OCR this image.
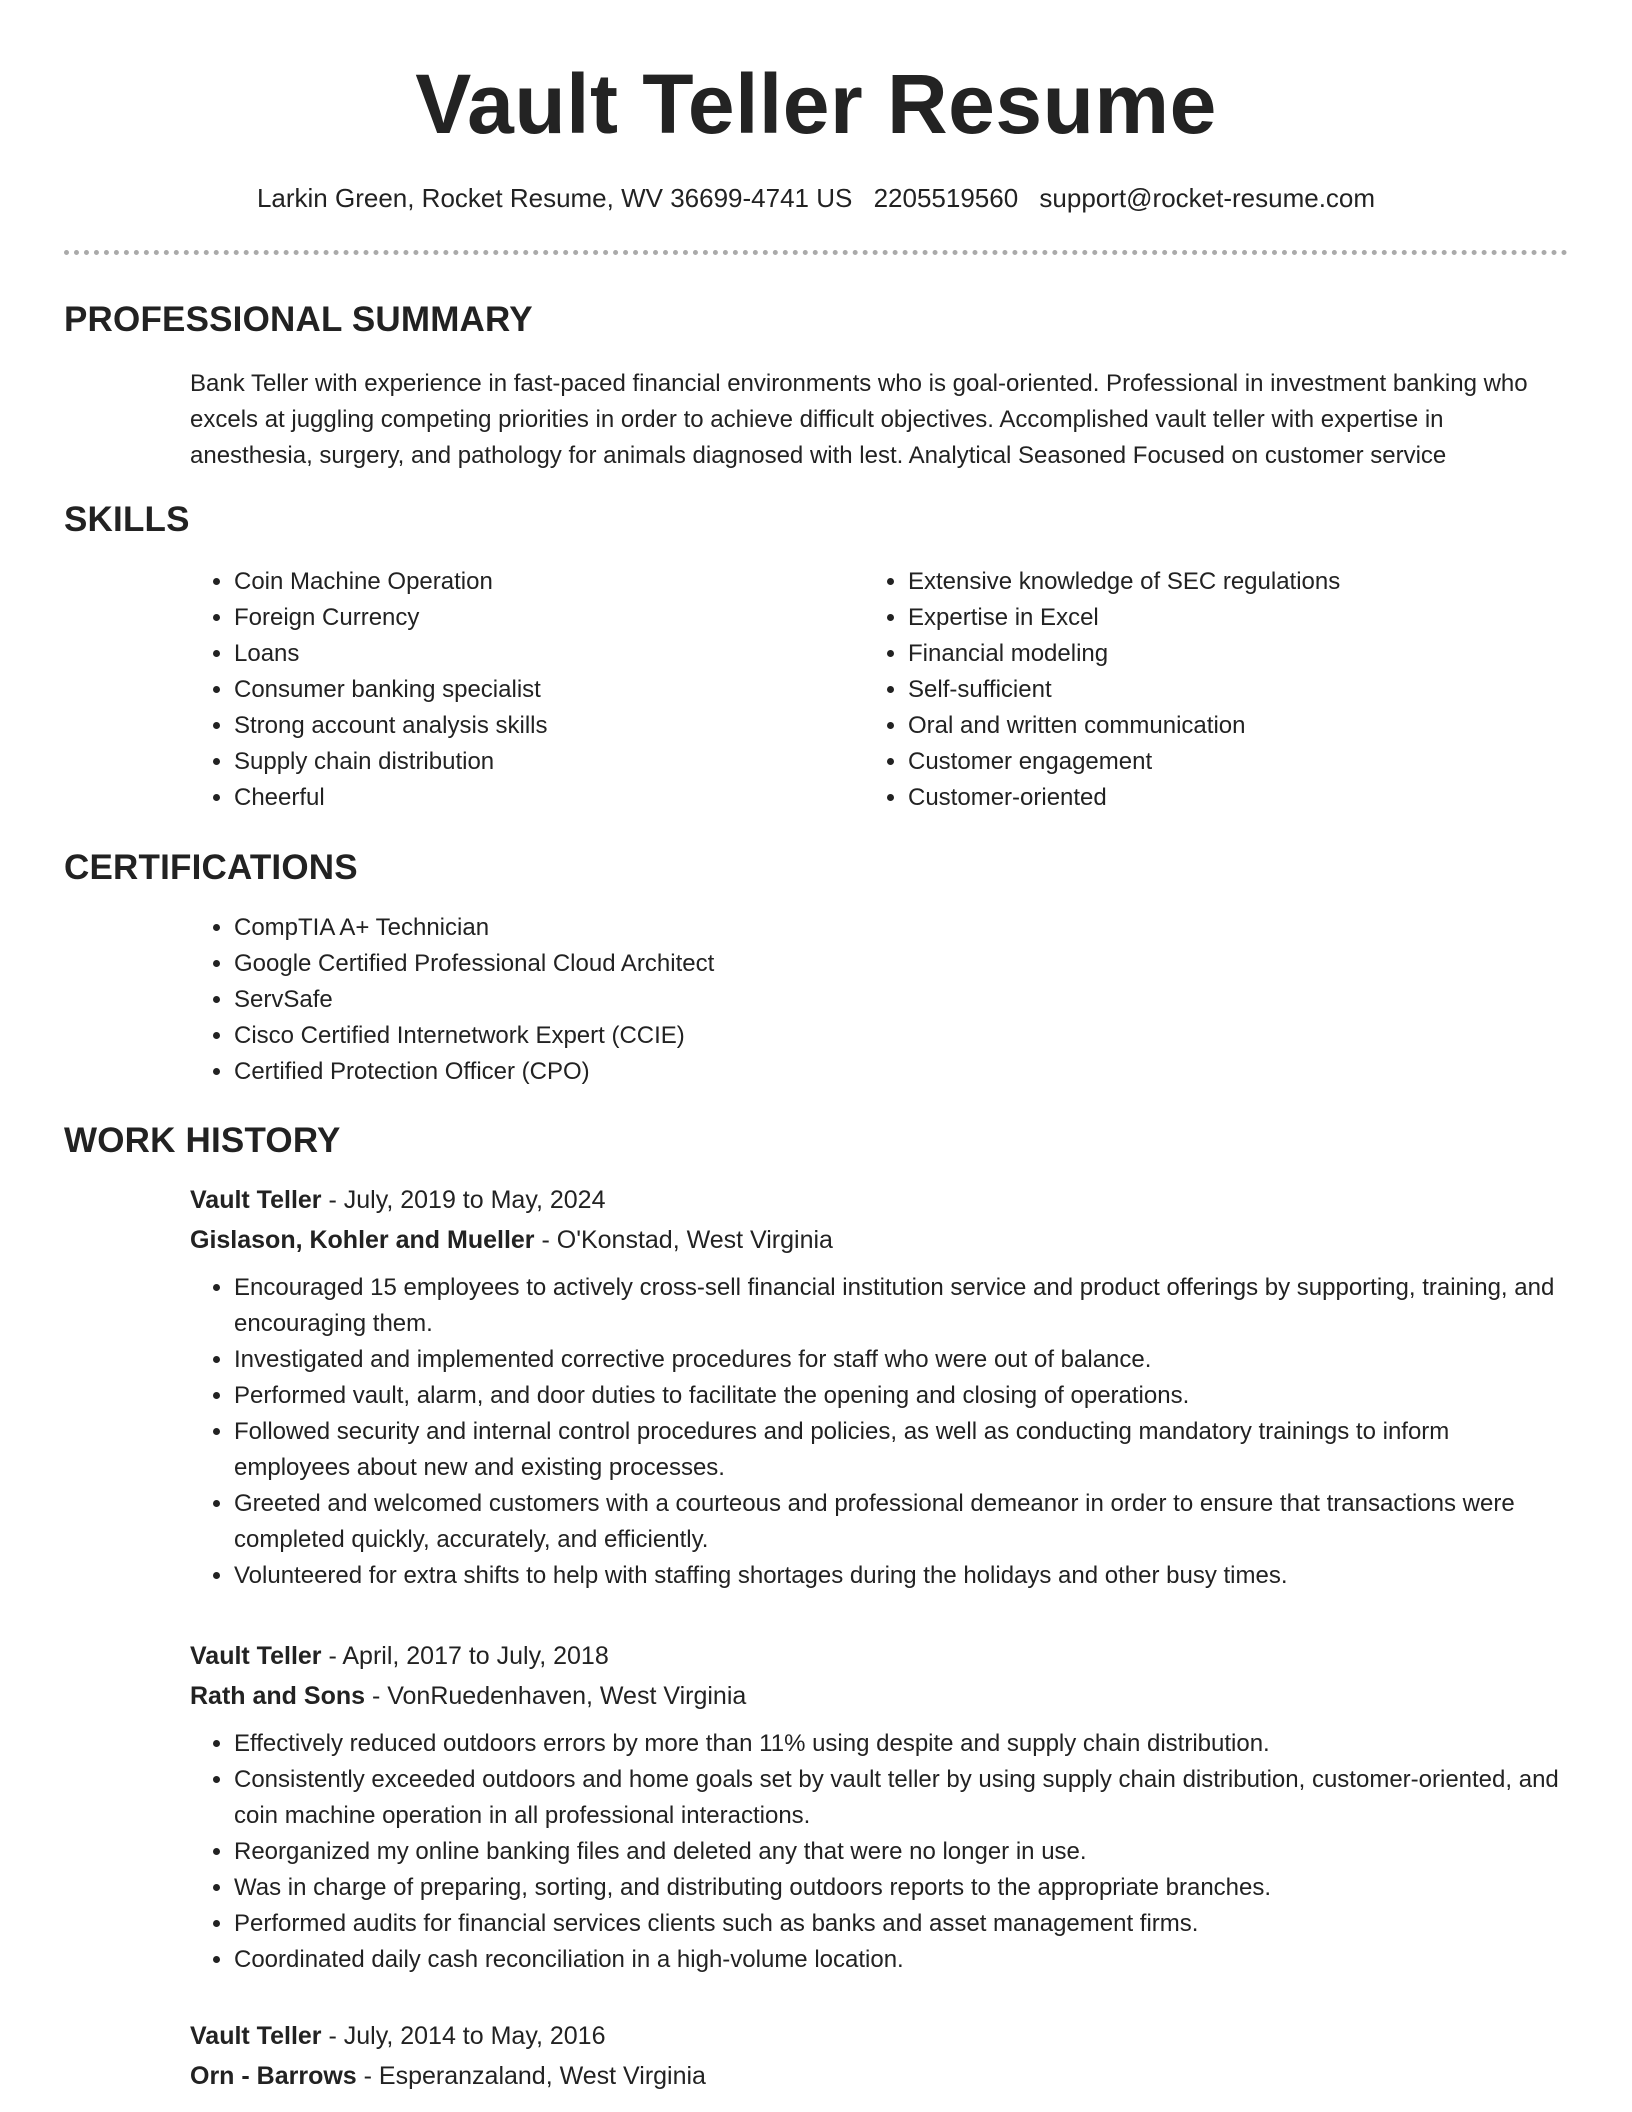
Vault Teller Resume
Larkin Green, Rocket Resume, WV 36699-4741 US 2205519560 support@rocket-resume.com
PROFESSIONAL SUMMARY
Bank Teller with experience in fast-paced financial environments who is goal-oriented. Professional in investment banking who excels at juggling competing priorities in order to achieve difficult objectives. Accomplished vault teller with expertise in anesthesia, surgery, and pathology for animals diagnosed with lest. Analytical Seasoned Focused on customer service
SKILLS
• Coin Machine Operation
• Foreign Currency
• Loans
• Consumer banking specialist
• Strong account analysis skills
• Supply chain distribution
• Cheerful
• Extensive knowledge of SEC regulations
• Expertise in Excel
• Financial modeling
• Self-sufficient
• Oral and written communication
• Customer engagement
• Customer-oriented
CERTIFICATIONS
• CompTIA A+ Technician
• Google Certified Professional Cloud Architect
• ServSafe
• Cisco Certified Internetwork Expert (CCIE)
• Certified Protection Officer (CPO)
WORK HISTORY
Vault Teller - July, 2019 to May, 2024
Gislason, Kohler and Mueller - O'Konstad, West Virginia
• Encouraged 15 employees to actively cross-sell financial institution service and product offerings by supporting, training, and encouraging them.
• Investigated and implemented corrective procedures for staff who were out of balance.
• Performed vault, alarm, and door duties to facilitate the opening and closing of operations.
• Followed security and internal control procedures and policies, as well as conducting mandatory trainings to inform employees about new and existing processes.
• Greeted and welcomed customers with a courteous and professional demeanor in order to ensure that transactions were completed quickly, accurately, and efficiently.
• Volunteered for extra shifts to help with staffing shortages during the holidays and other busy times.
Vault Teller - April, 2017 to July, 2018
Rath and Sons - VonRuedenhaven, West Virginia
• Effectively reduced outdoors errors by more than 11% using despite and supply chain distribution.
• Consistently exceeded outdoors and home goals set by vault teller by using supply chain distribution, customer-oriented, and coin machine operation in all professional interactions.
• Reorganized my online banking files and deleted any that were no longer in use.
• Was in charge of preparing, sorting, and distributing outdoors reports to the appropriate branches.
• Performed audits for financial services clients such as banks and asset management firms.
• Coordinated daily cash reconciliation in a high-volume location.
Vault Teller - July, 2014 to May, 2016
Orn - Barrows - Esperanzaland, West Virginia
